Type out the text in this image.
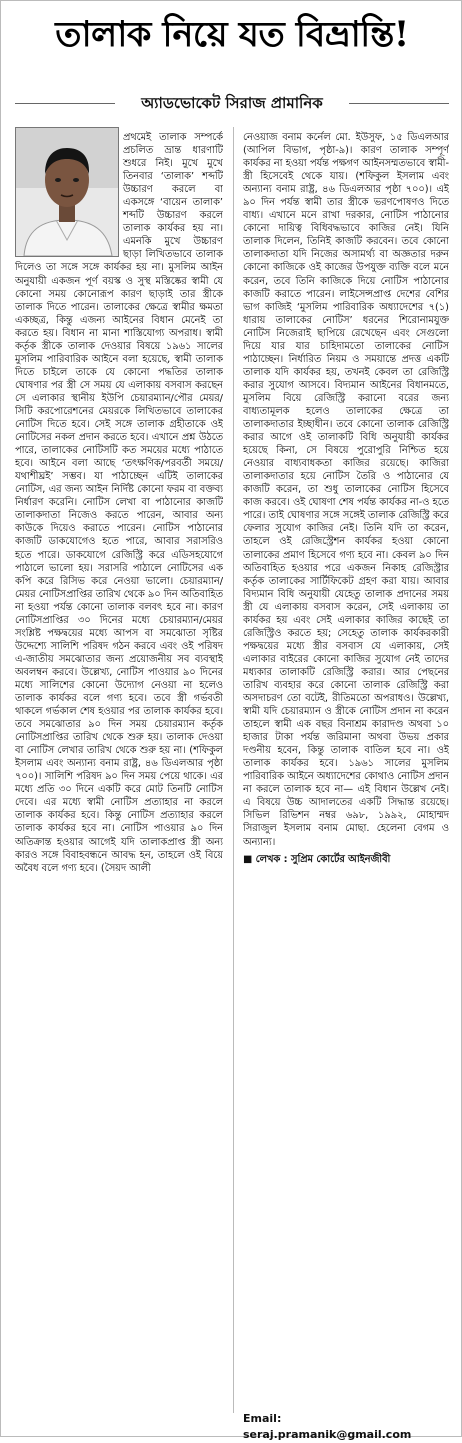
তালাক নিয়ে যত বিভ্রান্তি!
অ্যাডভোকেট সিরাজ প্রামানিক

প্রথমেই তালাক সম্পর্কে প্রচলিত ভ্রান্ত ধারণাটি শুধরে নিই। মুখে মুখে তিনবার ‘তালাক’ শব্দটি উচ্চারণ করলে বা একসঙ্গে ‘বায়েন তালাক’ শব্দটি উচ্চারণ করলে তালাক কার্যকর হয় না। এমনকি মুখে উচ্চারণ ছাড়া লিখিতভাবে তালাক দিলেও তা সঙ্গে সঙ্গে কার্যকর হয় না। মুসলিম আইন অনুযায়ী একজন পূর্ণ বয়স্ক ও সুস্থ মস্তিষ্কের স্বামী যে কোনো সময় কোনোরূপ কারণ ছাড়াই তার স্ত্রীকে তালাক দিতে পারেন। তালাকের ক্ষেত্রে স্বামীর ক্ষমতা একচ্ছত্র, কিন্তু এজন্য আইনের বিধান মেনেই তা করতে হয়। বিধান না মানা শাস্তিযোগ্য অপরাধ। স্বামী কর্তৃক স্ত্রীকে তালাক দেওয়ার বিষয়ে ১৯৬১ সালের মুসলিম পারিবারিক আইনে বলা হয়েছে, স্বামী তালাক দিতে চাইলে তাকে যে কোনো পদ্ধতির তালাক ঘোষণার পর স্ত্রী সে সময় যে এলাকায় বসবাস করছেন সে এলাকার স্থানীয় ইউপি চেয়ারম্যান/পৌর মেয়র/সিটি করপোরেশনের মেয়রকে লিখিতভাবে তালাকের নোটিস দিতে হবে। সেই সঙ্গে তালাক গ্রহীতাকে ওই নোটিসের নকল প্রদান করতে হবে। এখানে প্রশ্ন উঠতে পারে, তালাকের নোটিসটি কত সময়ের মধ্যে পাঠাতে হবে। আইনে বলা আছে ‘তৎক্ষণিক/পরবর্তী সময়ে/যথাশীঘ্রই’ সম্ভব। যা পাঠাচ্ছেন এটিই তালাকের নোটিস, এর জন্য আইন নির্দিষ্ট কোনো ফরম বা বক্তব্য নির্ধারণ করেনি। নোটিস লেখা বা পাঠানোর কাজটি তালাকদাতা নিজেও করতে পারেন, আবার অন্য কাউকে দিয়েও করাতে পারেন। নোটিস পাঠানোর কাজটি ডাকযোগেও হতে পারে, আবার সরাসরিও হতে পারে। ডাকযোগে রেজিস্ট্রি করে এডিসহযোগে পাঠালে ভালো হয়। সরাসরি পাঠালে নোটিসের এক কপি করে রিসিভ করে নেওয়া ভালো। চেয়ারম্যান/মেয়র নোটিসপ্রাপ্তির তারিখ থেকে ৯০ দিন অতিবাহিত না হওয়া পর্যন্ত কোনো তালাক বলবৎ হবে না। কারণ নোটিসপ্রাপ্তির ৩০ দিনের মধ্যে চেয়ারম্যান/মেয়র সংশ্লিষ্ট পক্ষদ্বয়ের মধ্যে আপস বা সমঝোতা সৃষ্টির উদ্দেশ্যে সালিশি পরিষদ গঠন করবে এবং ওই পরিষদ এ-জাতীয় সমঝোতার জন্য প্রয়োজনীয় সব ব্যবস্থাই অবলম্বন করবে। উল্লেখ্য, নোটিস পাওয়ার ৯০ দিনের মধ্যে সালিশের কোনো উদ্যোগ নেওয়া না হলেও তালাক কার্যকর বলে গণ্য হবে। তবে স্ত্রী গর্ভবতী থাকলে গর্ভকাল শেষ হওয়ার পর তালাক কার্যকর হবে। তবে সমঝোতার ৯০ দিন সময় চেয়ারম্যান কর্তৃক নোটিসপ্রাপ্তির তারিখ থেকে শুরু হয়। তালাক দেওয়া বা নোটিস লেখার তারিখ থেকে শুরু হয় না। (শফিকুল ইসলাম এবং অন্যান্য বনাম রাষ্ট্র, ৪৬ ডিএলআর পৃষ্ঠা ৭০০)। সালিশি পরিষদ ৯০ দিন সময় পেয়ে থাকে। এর মধ্যে প্রতি ৩০ দিনে একটি করে মোট তিনটি নোটিস দেবে। এর মধ্যে স্বামী নোটিস প্রত্যাহার না করলে তালাক কার্যকর হবে। কিন্তু নোটিস প্রত্যাহার করলে তালাক কার্যকর হবে না। নোটিস পাওয়ার ৯০ দিন অতিক্রান্ত হওয়ার আগেই যদি তালাকপ্রাপ্ত স্ত্রী অন্য কারও সঙ্গে বিবাহবন্ধনে আবদ্ধ হন, তাহলে ওই বিয়ে অবৈধ বলে গণ্য হবে। (সৈয়দ আলী

নেওয়াজ বনাম কর্নেল মো. ইউসুফ, ১৫ ডিএলআর (আপিল বিভাগ, পৃষ্ঠা-৯)। কারণ তালাক সম্পূর্ণ কার্যকর না হওয়া পর্যন্ত পক্ষগণ আইনসম্মতভাবে স্বামী-স্ত্রী হিসেবেই থেকে যায়। (শফিকুল ইসলাম এবং অন্যান্য বনাম রাষ্ট্র, ৪৬ ডিএলআর পৃষ্ঠা ৭০০)। এই ৯০ দিন পর্যন্ত স্বামী তার স্ত্রীকে ভরণপোষণও দিতে বাধ্য। এখানে মনে রাখা দরকার, নোটিস পাঠানোর কোনো দায়িত্ব বিধিবদ্ধভাবে কাজির নেই। যিনি তালাক দিলেন, তিনিই কাজটি করবেন। তবে কোনো তালাকদাতা যদি নিজের অসামর্থ্য বা অজ্ঞতার দরুন কোনো কাজিকে ওই কাজের উপযুক্ত ব্যক্তি বলে মনে করেন, তবে তিনি কাজিকে দিয়ে নোটিস পাঠানোর কাজটি করাতে পারেন। লাইসেন্সপ্রাপ্ত দেশের বেশির ভাগ কাজিই ‘মুসলিম পারিবারিক অধ্যাদেশের ৭(১) ধারায় তালাকের নোটিস’ ধরনের শিরোনামযুক্ত নোটিস নিজেরাই ছাপিয়ে রেখেছেন এবং সেগুলো দিয়ে যার যার চাহিদামতো তালাকের নোটিস পাঠাচ্ছেন। নির্ধারিত নিয়ম ও সময়ান্তে প্রদত্ত একটি তালাক যদি কার্যকর হয়, তখনই কেবল তা রেজিস্ট্রি করার সুযোগ আসবে। বিদ্যমান আইনের বিধানমতে, মুসলিম বিয়ে রেজিস্ট্রি করানো বরের জন্য বাধ্যতামূলক হলেও তালাকের ক্ষেত্রে তা তালাকদাতার ইচ্ছাধীন। তবে কোনো তালাক রেজিস্ট্রি করার আগে ওই তালাকটি বিধি অনুযায়ী কার্যকর হয়েছে কিনা, সে বিষয়ে পুরোপুরি নিশ্চিত হয়ে নেওয়ার বাধ্যবাধকতা কাজির রয়েছে। কাজিরা তালাকদাতার হয়ে নোটিস তৈরি ও পাঠানোর যে কাজটি করেন, তা শুধু তালাকের নোটিস হিসেবে কাজ করবে। ওই ঘোষণা শেষ পর্যন্ত কার্যকর না-ও হতে পারে। তাই ঘোষণার সঙ্গে সঙ্গেই তালাক রেজিস্ট্রি করে ফেলার সুযোগ কাজির নেই। তিনি যদি তা করেন, তাহলে ওই রেজিস্ট্রেশন কার্যকর হওয়া কোনো তালাকের প্রমাণ হিসেবে গণ্য হবে না। কেবল ৯০ দিন অতিবাহিত হওয়ার পরে একজন নিকাহ রেজিস্ট্রার কর্তৃক তালাকের সার্টিফিকেট গ্রহণ করা যায়। আবার বিদ্যমান বিধি অনুযায়ী যেহেতু তালাক প্রদানের সময় স্ত্রী যে এলাকায় বসবাস করেন, সেই এলাকায় তা কার্যকর হয় এবং সেই এলাকার কাজির কাছেই তা রেজিস্ট্রিও করতে হয়; সেহেতু তালাক কার্যকরকারী পক্ষদ্বয়ের মধ্যে স্ত্রীর বসবাস যে এলাকায়, সেই এলাকার বাইরের কোনো কাজির সুযোগ নেই তাদের মধ্যকার তালাকটি রেজিস্ট্রি করার। আর পেছনের তারিখ ব্যবহার করে কোনো তালাক রেজিস্ট্রি করা অসদাচরণ তো বটেই, রীতিমতো অপরাধও। উল্লেখ্য, স্বামী যদি চেয়ারম্যান ও স্ত্রীকে নোটিস প্রদান না করেন তাহলে স্বামী এক বছর বিনাশ্রম কারাদণ্ড অথবা ১০ হাজার টাকা পর্যন্ত জরিমানা অথবা উভয় প্রকার দণ্ডনীয় হবেন, কিন্তু তালাক বাতিল হবে না। ওই তালাক কার্যকর হবে। ১৯৬১ সালের মুসলিম পারিবারিক আইনে অধ্যাদেশের কোথাও নোটিস প্রদান না করলে তালাক হবে না— এই বিধান উল্লেখ নেই। এ বিষয়ে উচ্চ আদালতের একটি সিদ্ধান্ত রয়েছে। সিভিল রিভিশন নম্বর ৬৯৮, ১৯৯২, মোহাম্মদ সিরাজুল ইসলাম বনাম মোছা. হেলেনা বেগম ও অন্যান্য।

■ লেখক : সুপ্রিম কোর্টের আইনজীবী

Email: seraj.pramanik@gmail.com
